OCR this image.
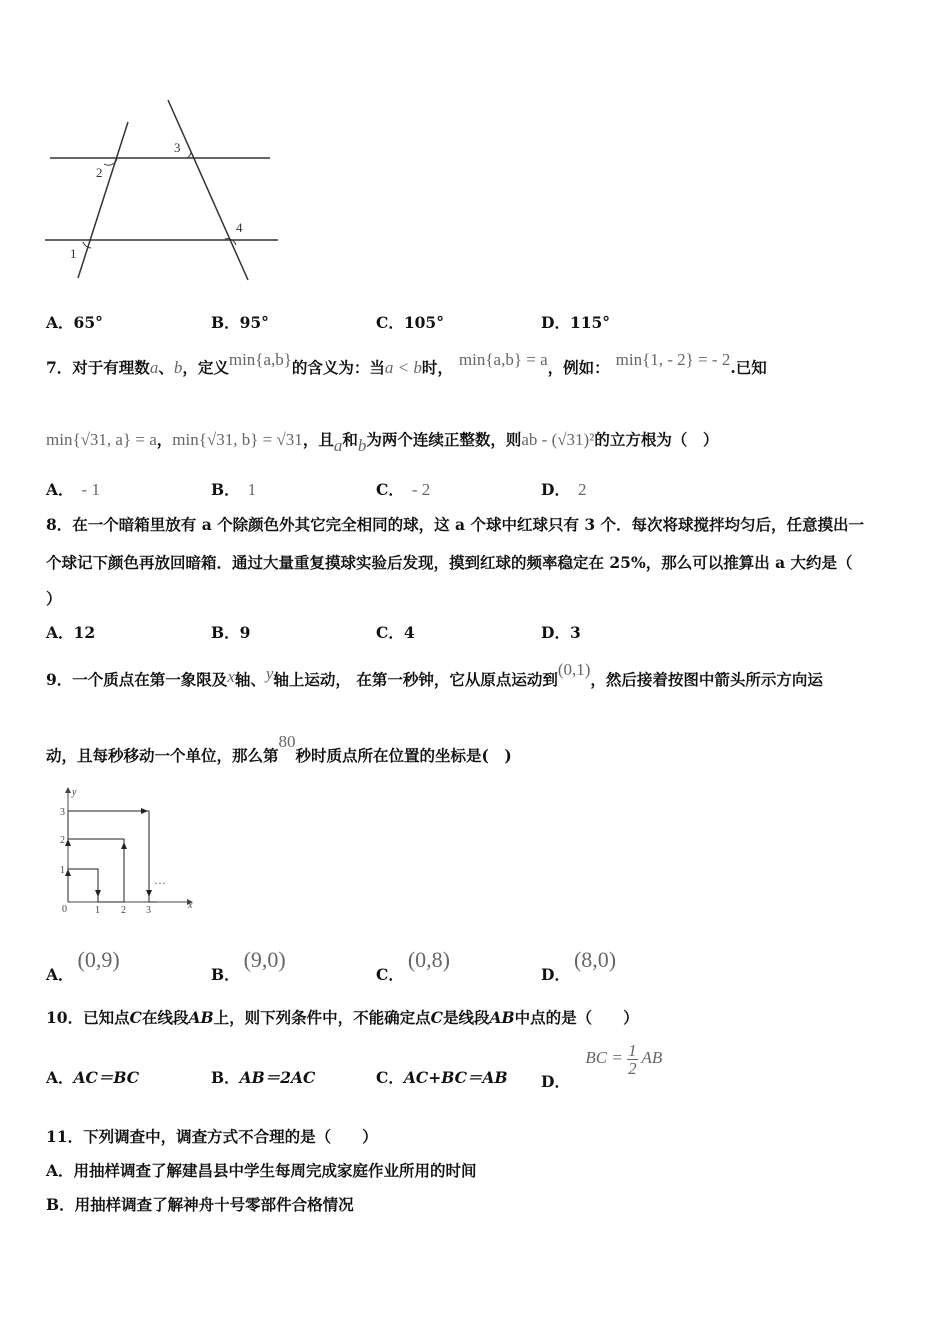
1
2
3
4
A．65°	B．95°	C．105°	D．115°
7．对于有理数a、b，定义min{a,b}的含义为：当a < b时， min{a,b} = a，例如： min{1, - 2} = - 2.已知
min{√31, a} = a，min{√31, b} = √31，且a和b为两个连续正整数，则ab - (√31)²的立方根为（　）
A． - 1	B． 1	C． - 2	D． 2
8．在一个暗箱里放有 a 个除颜色外其它完全相同的球，这 a 个球中红球只有 3 个．每次将球搅拌均匀后，任意摸出一
个球记下颜色再放回暗箱．通过大量重复摸球实验后发现，摸到红球的频率稳定在 25%，那么可以推算出 a 大约是（
）
A．12	B．9	C．4	D．3
9．一个质点在第一象限及x轴、y轴上运动， 在第一秒钟，它从原点运动到(0,1)，然后接着按图中箭头所示方向运
动，且每秒移动一个单位，那么第80秒时质点所在位置的坐标是(　)
0	1 2 3
1
2
3
x
y
···
A．(0,9)
B．(9,0)
C．(0,8)
D．(8,0)
10．已知点C在线段AB上，则下列条件中，不能确定点C是线段AB中点的是（　　）
A．AC＝BC	B．AB＝2AC	C．AC+BC＝AB D． BC = $\frac{1}{2}$ AB
11．下列调查中，调查方式不合理的是（　　）
A．用抽样调查了解建昌县中学生每周完成家庭作业所用的时间
B．用抽样调查了解神舟十号零部件合格情况
